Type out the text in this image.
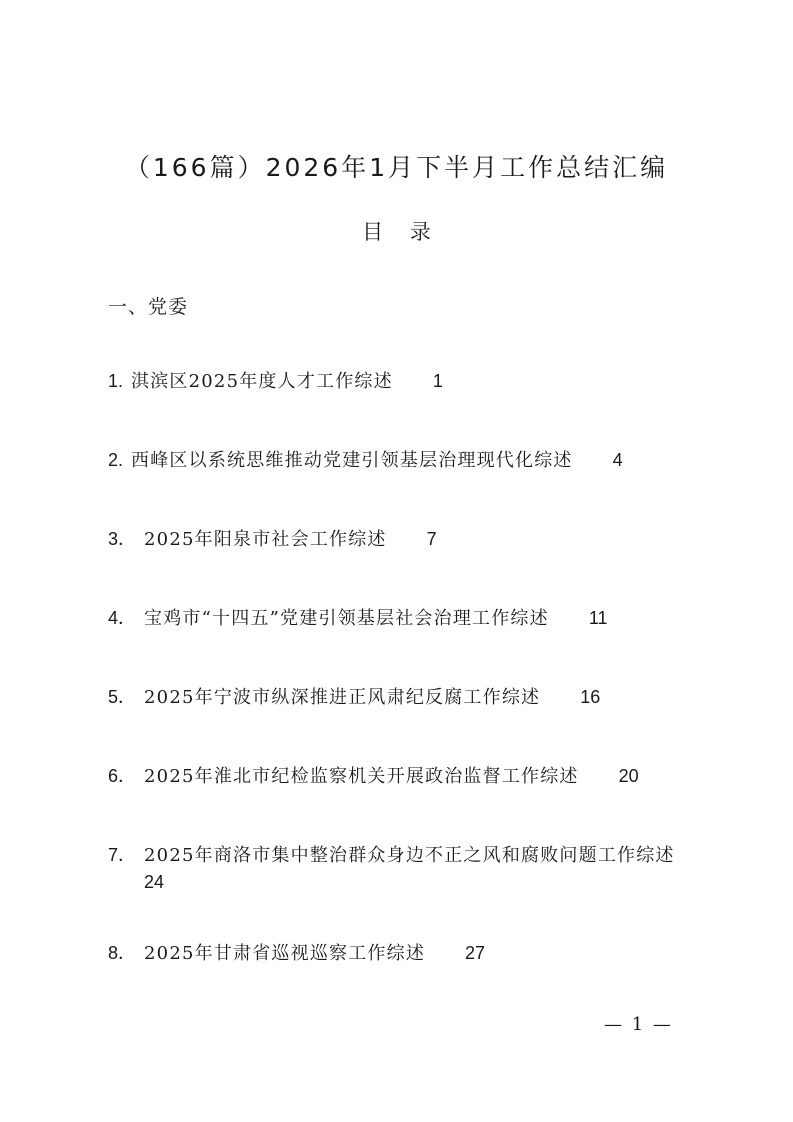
（166篇）2026年1月下半月工作总结汇编
目 录
一、党委
1. 淇滨区2025年度人才工作综述 1
2. 西峰区以系统思维推动党建引领基层治理现代化综述 4
3． 2025年阳泉市社会工作综述 7
4． 宝鸡市“十四五”党建引领基层社会治理工作综述 11
5． 2025年宁波市纵深推进正风肃纪反腐工作综述 16
6． 2025年淮北市纪检监察机关开展政治监督工作综述 20
7． 2025年商洛市集中整治群众身边不正之风和腐败问题工作综述24
8． 2025年甘肃省巡视巡察工作综述 27
— 1 —
